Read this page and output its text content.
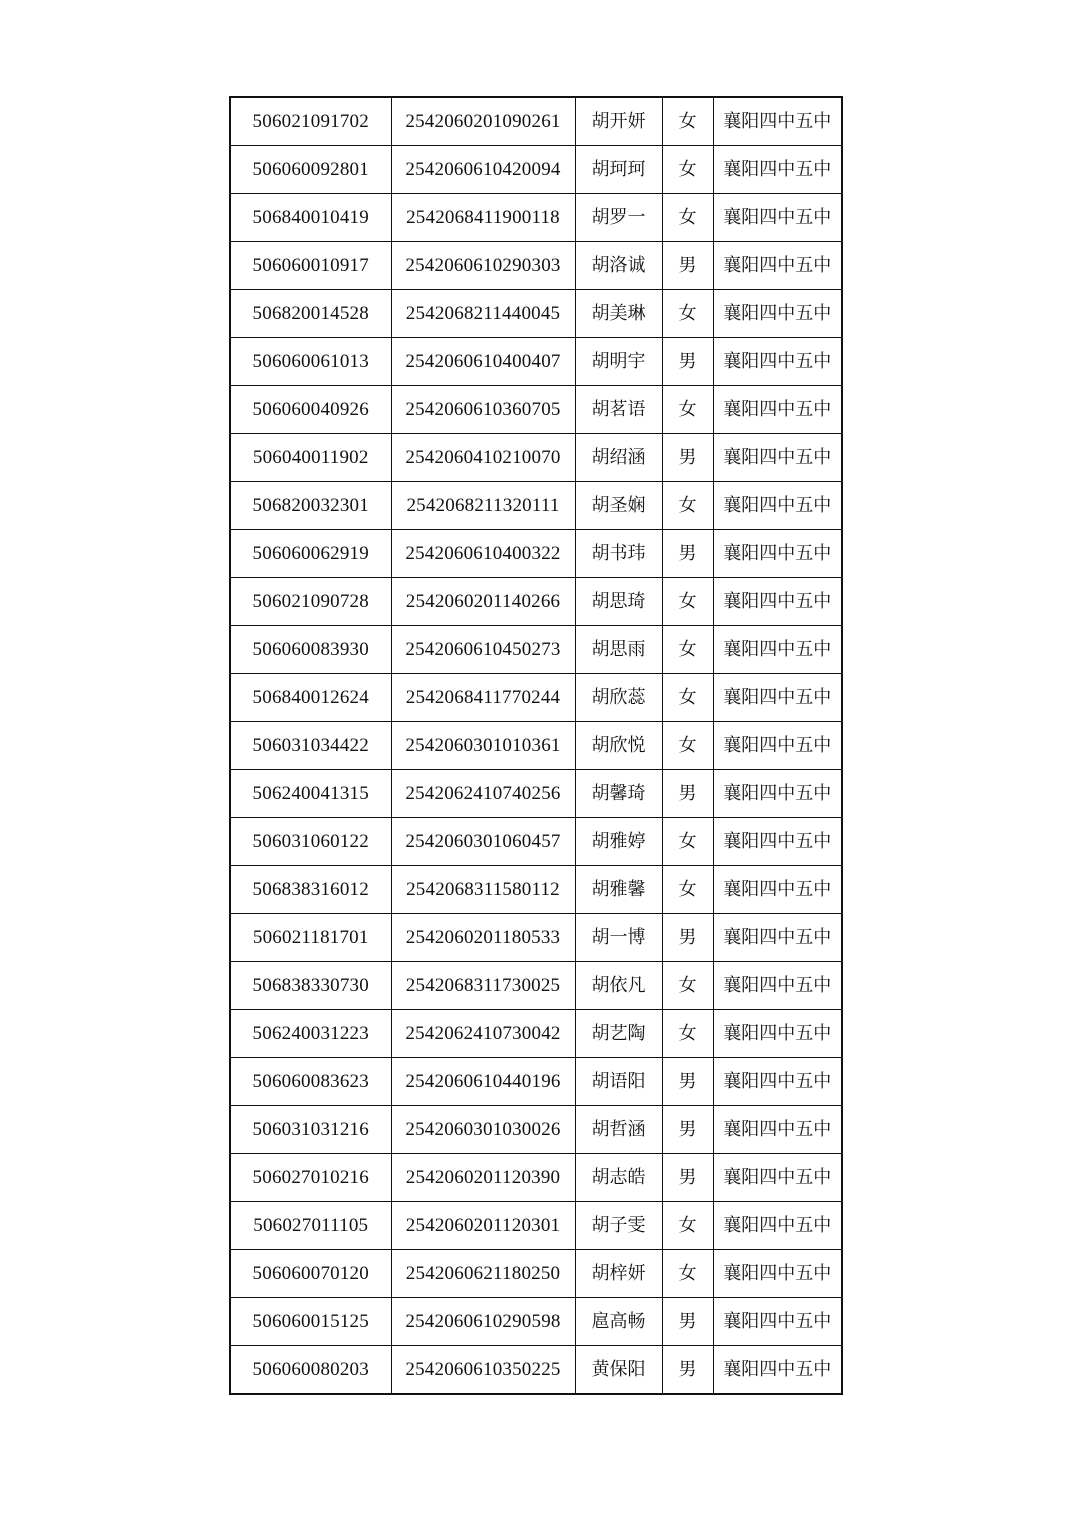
506021091702	2542060201090261	胡开妍	女	襄阳四中五中
506060092801	2542060610420094	胡珂珂	女	襄阳四中五中
506840010419	2542068411900118	胡罗一	女	襄阳四中五中
506060010917	2542060610290303	胡洛诚	男	襄阳四中五中
506820014528	2542068211440045	胡美琳	女	襄阳四中五中
506060061013	2542060610400407	胡明宇	男	襄阳四中五中
506060040926	2542060610360705	胡茗语	女	襄阳四中五中
506040011902	2542060410210070	胡绍涵	男	襄阳四中五中
506820032301	2542068211320111	胡圣娴	女	襄阳四中五中
506060062919	2542060610400322	胡书玮	男	襄阳四中五中
506021090728	2542060201140266	胡思琦	女	襄阳四中五中
506060083930	2542060610450273	胡思雨	女	襄阳四中五中
506840012624	2542068411770244	胡欣蕊	女	襄阳四中五中
506031034422	2542060301010361	胡欣悦	女	襄阳四中五中
506240041315	2542062410740256	胡馨琦	男	襄阳四中五中
506031060122	2542060301060457	胡雅婷	女	襄阳四中五中
506838316012	2542068311580112	胡雅馨	女	襄阳四中五中
506021181701	2542060201180533	胡一博	男	襄阳四中五中
506838330730	2542068311730025	胡依凡	女	襄阳四中五中
506240031223	2542062410730042	胡艺陶	女	襄阳四中五中
506060083623	2542060610440196	胡语阳	男	襄阳四中五中
506031031216	2542060301030026	胡哲涵	男	襄阳四中五中
506027010216	2542060201120390	胡志皓	男	襄阳四中五中
506027011105	2542060201120301	胡子雯	女	襄阳四中五中
506060070120	2542060621180250	胡梓妍	女	襄阳四中五中
506060015125	2542060610290598	扈高畅	男	襄阳四中五中
506060080203	2542060610350225	黄保阳	男	襄阳四中五中
